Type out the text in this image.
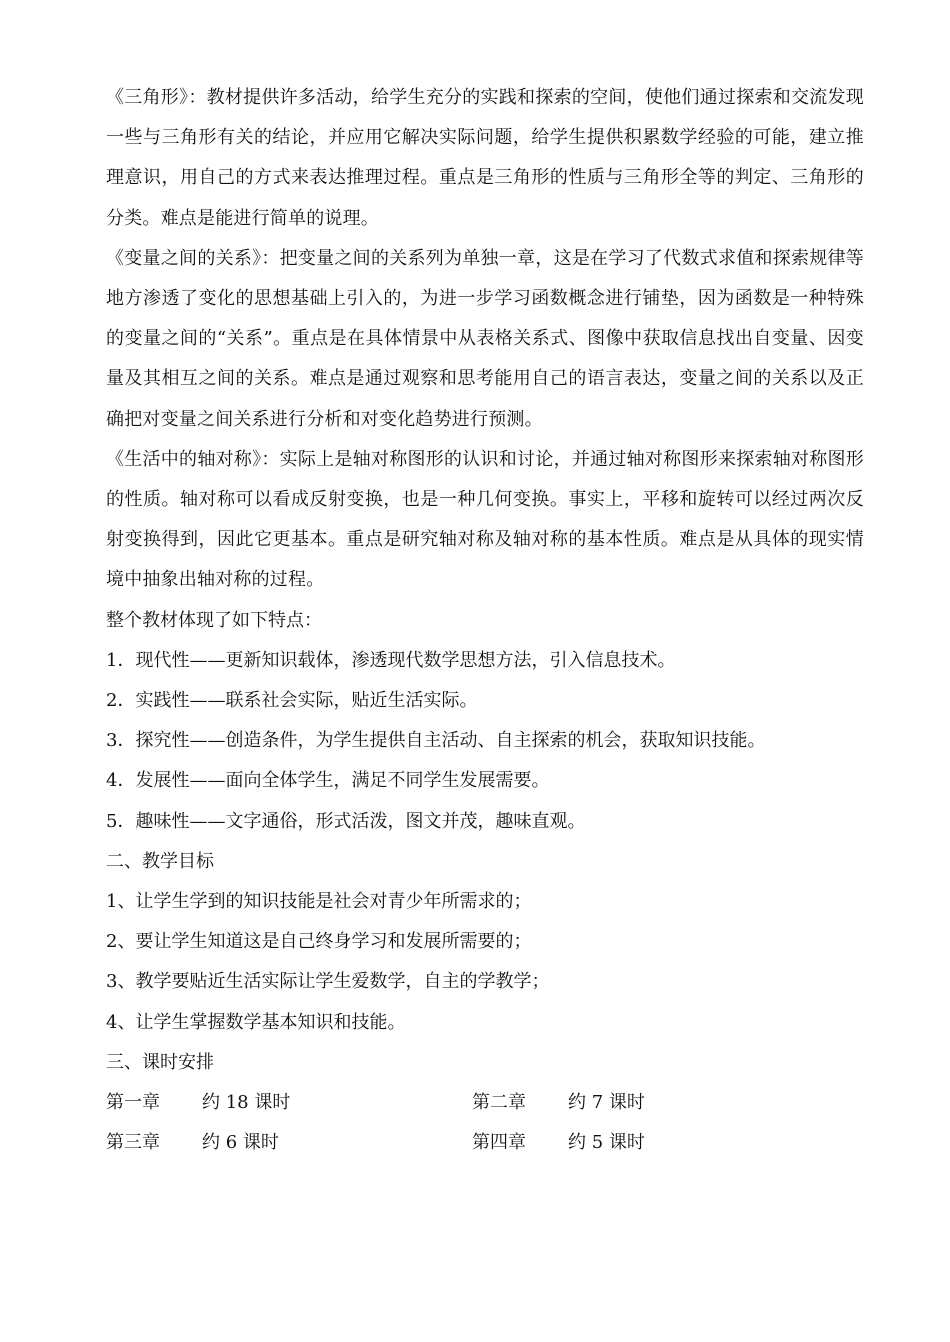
《三角形》：教材提供许多活动，给学生充分的实践和探索的空间，使他们通过探索和交流发现一些与三角形有关的结论，并应用它解决实际问题，给学生提供积累数学经验的可能，建立推理意识，用自己的方式来表达推理过程。重点是三角形的性质与三角形全等的判定、三角形的分类。难点是能进行简单的说理。

《变量之间的关系》：把变量之间的关系列为单独一章，这是在学习了代数式求值和探索规律等地方渗透了变化的思想基础上引入的，为进一步学习函数概念进行铺垫，因为函数是一种特殊的变量之间的“关系”。重点是在具体情景中从表格关系式、图像中获取信息找出自变量、因变量及其相互之间的关系。难点是通过观察和思考能用自己的语言表达，变量之间的关系以及正确把对变量之间关系进行分析和对变化趋势进行预测。

《生活中的轴对称》：实际上是轴对称图形的认识和讨论，并通过轴对称图形来探索轴对称图形的性质。轴对称可以看成反射变换，也是一种几何变换。事实上，平移和旋转可以经过两次反射变换得到，因此它更基本。重点是研究轴对称及轴对称的基本性质。难点是从具体的现实情境中抽象出轴对称的过程。

整个教材体现了如下特点：

1．现代性——更新知识载体，渗透现代数学思想方法，引入信息技术。

2．实践性——联系社会实际，贴近生活实际。

3．探究性——创造条件，为学生提供自主活动、自主探索的机会，获取知识技能。

4．发展性——面向全体学生，满足不同学生发展需要。

5．趣味性——文字通俗，形式活泼，图文并茂，趣味直观。

二、教学目标

1、让学生学到的知识技能是社会对青少年所需求的；

2、要让学生知道这是自己终身学习和发展所需要的；

3、教学要贴近生活实际让学生爱数学，自主的学教学；

4、让学生掌握数学基本知识和技能。

三、课时安排

第一章 约 18 课时	第二章 约 7 课时
第三章 约 6 课时	第四章 约 5 课时
